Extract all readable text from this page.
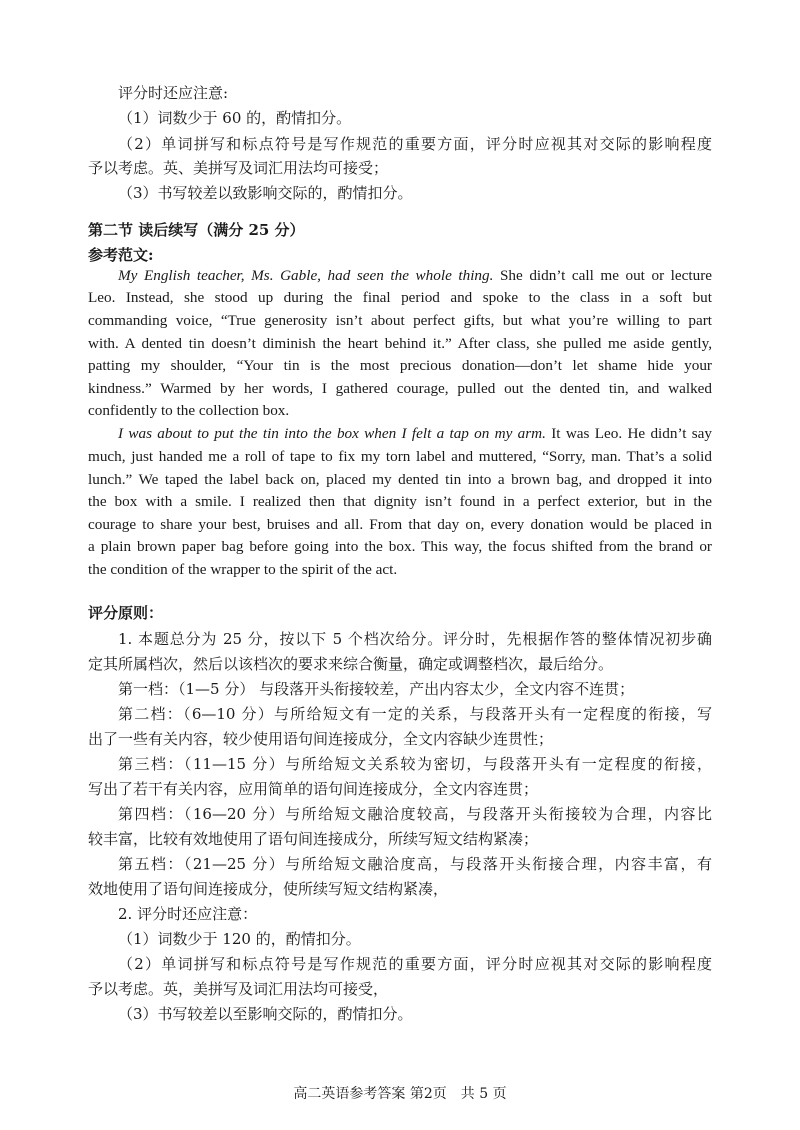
评分时还应注意:

（1）词数少于 60 的，酌情扣分。

（2）单词拼写和标点符号是写作规范的重要方面，评分时应视其对交际的影响程度

予以考虑。英、美拼写及词汇用法均可接受；

（3）书写较差以致影响交际的，酌情扣分。

第二节 读后续写（满分 25 分）

参考范文:

My English teacher, Ms. Gable, had seen the whole thing. She didn’t call me out or lecture

Leo. Instead, she stood up during the final period and spoke to the class in a soft but

commanding voice, “True generosity isn’t about perfect gifts, but what you’re willing to part

with. A dented tin doesn’t diminish the heart behind it.” After class, she pulled me aside gently,

patting my shoulder, “Your tin is the most precious donation—don’t let shame hide your

kindness.” Warmed by her words, I gathered courage, pulled out the dented tin, and walked

confidently to the collection box.

I was about to put the tin into the box when I felt a tap on my arm. It was Leo. He didn’t say

much, just handed me a roll of tape to fix my torn label and muttered, “Sorry, man. That’s a solid

lunch.” We taped the label back on, placed my dented tin into a brown bag, and dropped it into

the box with a smile. I realized then that dignity isn’t found in a perfect exterior, but in the

courage to share your best, bruises and all. From that day on, every donation would be placed in

a plain brown paper bag before going into the box. This way, the focus shifted from the brand or

the condition of the wrapper to the spirit of the act.

评分原则：

1. 本题总分为 25 分，按以下 5 个档次给分。评分时，先根据作答的整体情况初步确

定其所属档次，然后以该档次的要求来综合衡量，确定或调整档次，最后给分。

第一档：（1—5 分） 与段落开头衔接较差，产出内容太少，全文内容不连贯；

第二档：（6—10 分）与所给短文有一定的关系，与段落开头有一定程度的衔接，写

出了一些有关内容，较少使用语句间连接成分，全文内容缺少连贯性；

第三档：（11—15 分）与所给短文关系较为密切，与段落开头有一定程度的衔接，

写出了若干有关内容，应用简单的语句间连接成分，全文内容连贯；

第四档：（16—20 分）与所给短文融洽度较高，与段落开头衔接较为合理，内容比

较丰富，比较有效地使用了语句间连接成分，所续写短文结构紧凑；

第五档：（21—25 分）与所给短文融洽度高，与段落开头衔接合理，内容丰富，有

效地使用了语句间连接成分，使所续写短文结构紧凑，

2. 评分时还应注意：

（1）词数少于 120 的，酌情扣分。

（2）单词拼写和标点符号是写作规范的重要方面，评分时应视其对交际的影响程度

予以考虑。英，美拼写及词汇用法均可接受，

（3）书写较差以至影响交际的，酌情扣分。

高二英语参考答案 第2页　共 5 页
